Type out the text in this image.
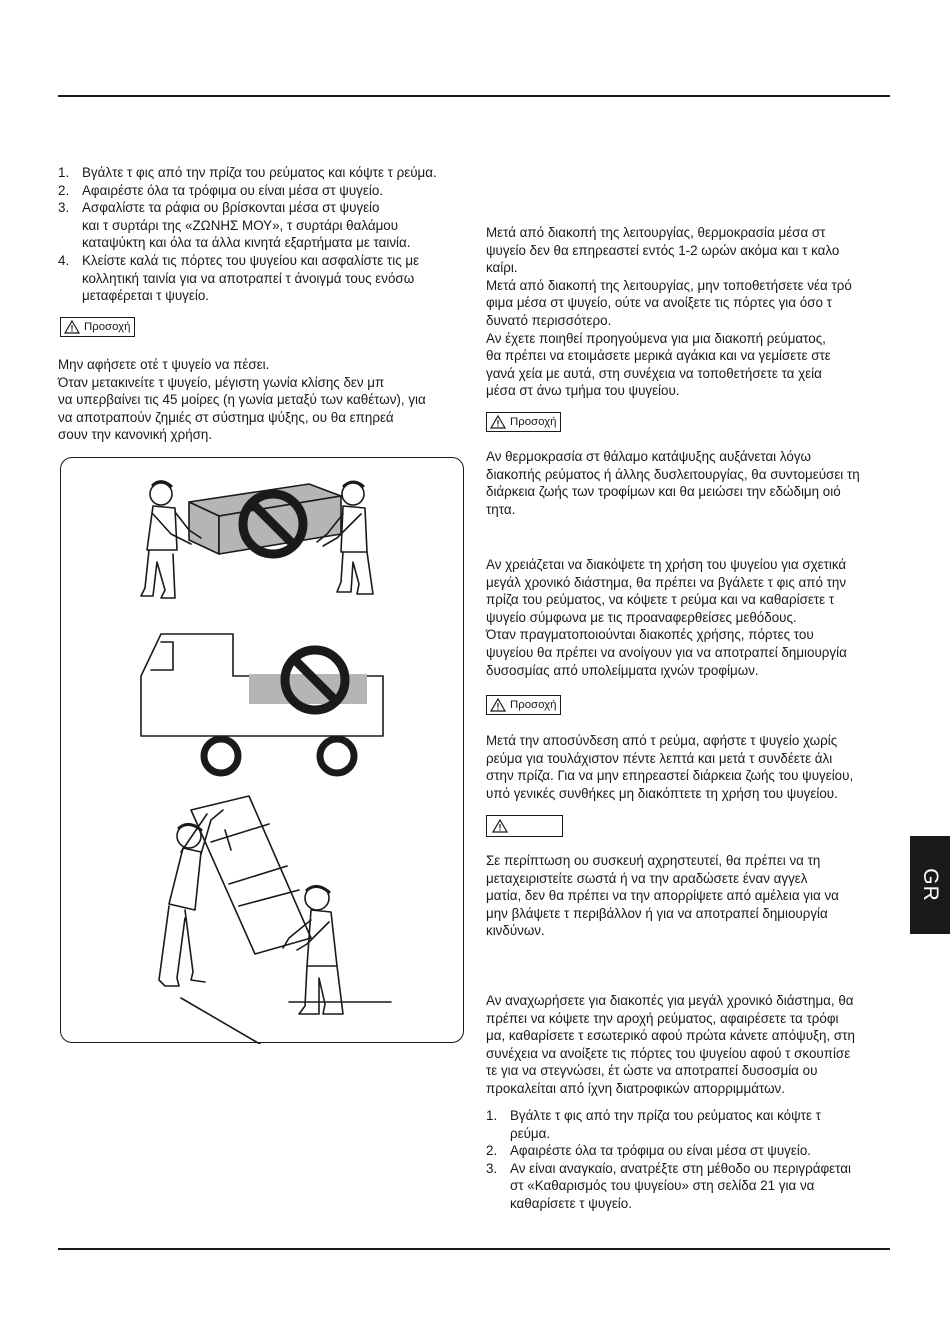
1. Βγάλτε τ φις από την πρίζα του ρεύματος και κόψτε τ ρεύμα.
2. Αφαιρέστε όλα τα τρόφιμα ου είναι μέσα στ ψυγείο.
3. Ασφαλίστε τα ράφια ου βρίσκονται μέσα στ ψυγείο
και τ συρτάρι της «ΖΩΝΗΣ ΜΟΥ», τ συρτάρι θαλάμου
καταψύκτη και όλα τα άλλα κινητά εξαρτήματα με ταινία.
4. Κλείστε καλά τις πόρτες του ψυγείου και ασφαλίστε τις με
κολλητική ταινία για να αποτραπεί τ άνοιγμά τους ενόσω
μεταφέρεται τ ψυγείο.
Προσοχή

Μην αφήσετε οτέ τ ψυγείο να πέσει.
Όταν μετακινείτε τ ψυγείο, μέγιστη γωνία κλίσης δεν μπ
να υπερβαίνει τις 45 μοίρες (η γωνία μεταξύ των καθέτων), για
να αποτραπούν ζημιές στ σύστημα ψύξης, ου θα επηρεά
σουν την κανονική χρήση.

Μετά από διακοπή της λειτουργίας, θερμοκρασία μέσα στ
ψυγείο δεν θα επηρεαστεί εντός 1-2 ωρών ακόμα και τ καλο
καίρι.
Μετά από διακοπή της λειτουργίας, μην τοποθετήσετε νέα τρό
φιμα μέσα στ ψυγείο, ούτε να ανοίξετε τις πόρτες για όσο τ
δυνατό περισσότερο.
Αν έχετε ποιηθεί προηγούμενα για μια διακοπή ρεύματος,
θα πρέπει να ετοιμάσετε μερικά αγάκια και να γεμίσετε στε
γανά χεία με αυτά, στη συνέχεια να τοποθετήσετε τα χεία
μέσα στ άνω τμήμα του ψυγείου.

Προσοχή

Αν θερμοκρασία στ θάλαμο κατάψυξης αυξάνεται λόγω
διακοπής ρεύματος ή άλλης δυσλειτουργίας, θα συντομεύσει τη
διάρκεια ζωής των τροφίμων και θα μειώσει την εδώδιμη οιό
τητα.

Αν χρειάζεται να διακόψετε τη χρήση του ψυγείου για σχετικά
μεγάλ χρονικό διάστημα, θα πρέπει να βγάλετε τ φις από την
πρίζα του ρεύματος, να κόψετε τ ρεύμα και να καθαρίσετε τ
ψυγείο σύμφωνα με τις προαναφερθείσες μεθόδους.
Όταν πραγματοποιούνται διακοπές χρήσης, πόρτες του
ψυγείου θα πρέπει να ανοίγουν για να αποτραπεί δημιουργία
δυσοσμίας από υπολείμματα ιχνών τροφίμων.

Προσοχή

Μετά την αποσύνδεση από τ ρεύμα, αφήστε τ ψυγείο χωρίς
ρεύμα για τουλάχιστον πέντε λεπτά και μετά τ συνδέετε άλι
στην πρίζα. Για να μην επηρεαστεί διάρκεια ζωής του ψυγείου,
υπό γενικές συνθήκες μη διακόπτετε τη χρήση του ψυγείου.

Σε περίπτωση ου συσκευή αχρηστευτεί, θα πρέπει να τη
μεταχειριστείτε σωστά ή να την αραδώσετε έναν αγγελ
ματία, δεν θα πρέπει να την απορρίψετε από αμέλεια για να
μην βλάψετε τ περιβάλλον ή για να αποτραπεί δημιουργία
κινδύνων.

Αν αναχωρήσετε για διακοπές για μεγάλ χρονικό διάστημα, θα
πρέπει να κόψετε την αροχή ρεύματος, αφαιρέσετε τα τρόφι
μα, καθαρίσετε τ εσωτερικό αφού πρώτα κάνετε απόψυξη, στη
συνέχεια να ανοίξετε τις πόρτες του ψυγείου αφού τ σκουπίσε
τε για να στεγνώσει, έτ ώστε να αποτραπεί δυσοσμία ου
προκαλείται από ίχνη διατροφικών απορριμμάτων.

1. Βγάλτε τ φις από την πρίζα του ρεύματος και κόψτε τ
ρεύμα.
2. Αφαιρέστε όλα τα τρόφιμα ου είναι μέσα στ ψυγείο.
3. Αν είναι αναγκαίο, ανατρέξτε στη μέθοδο ου περιγράφεται
στ «Καθαρισμός του ψυγείου» στη σελίδα 21 για να
καθαρίσετε τ ψυγείο.
GR
